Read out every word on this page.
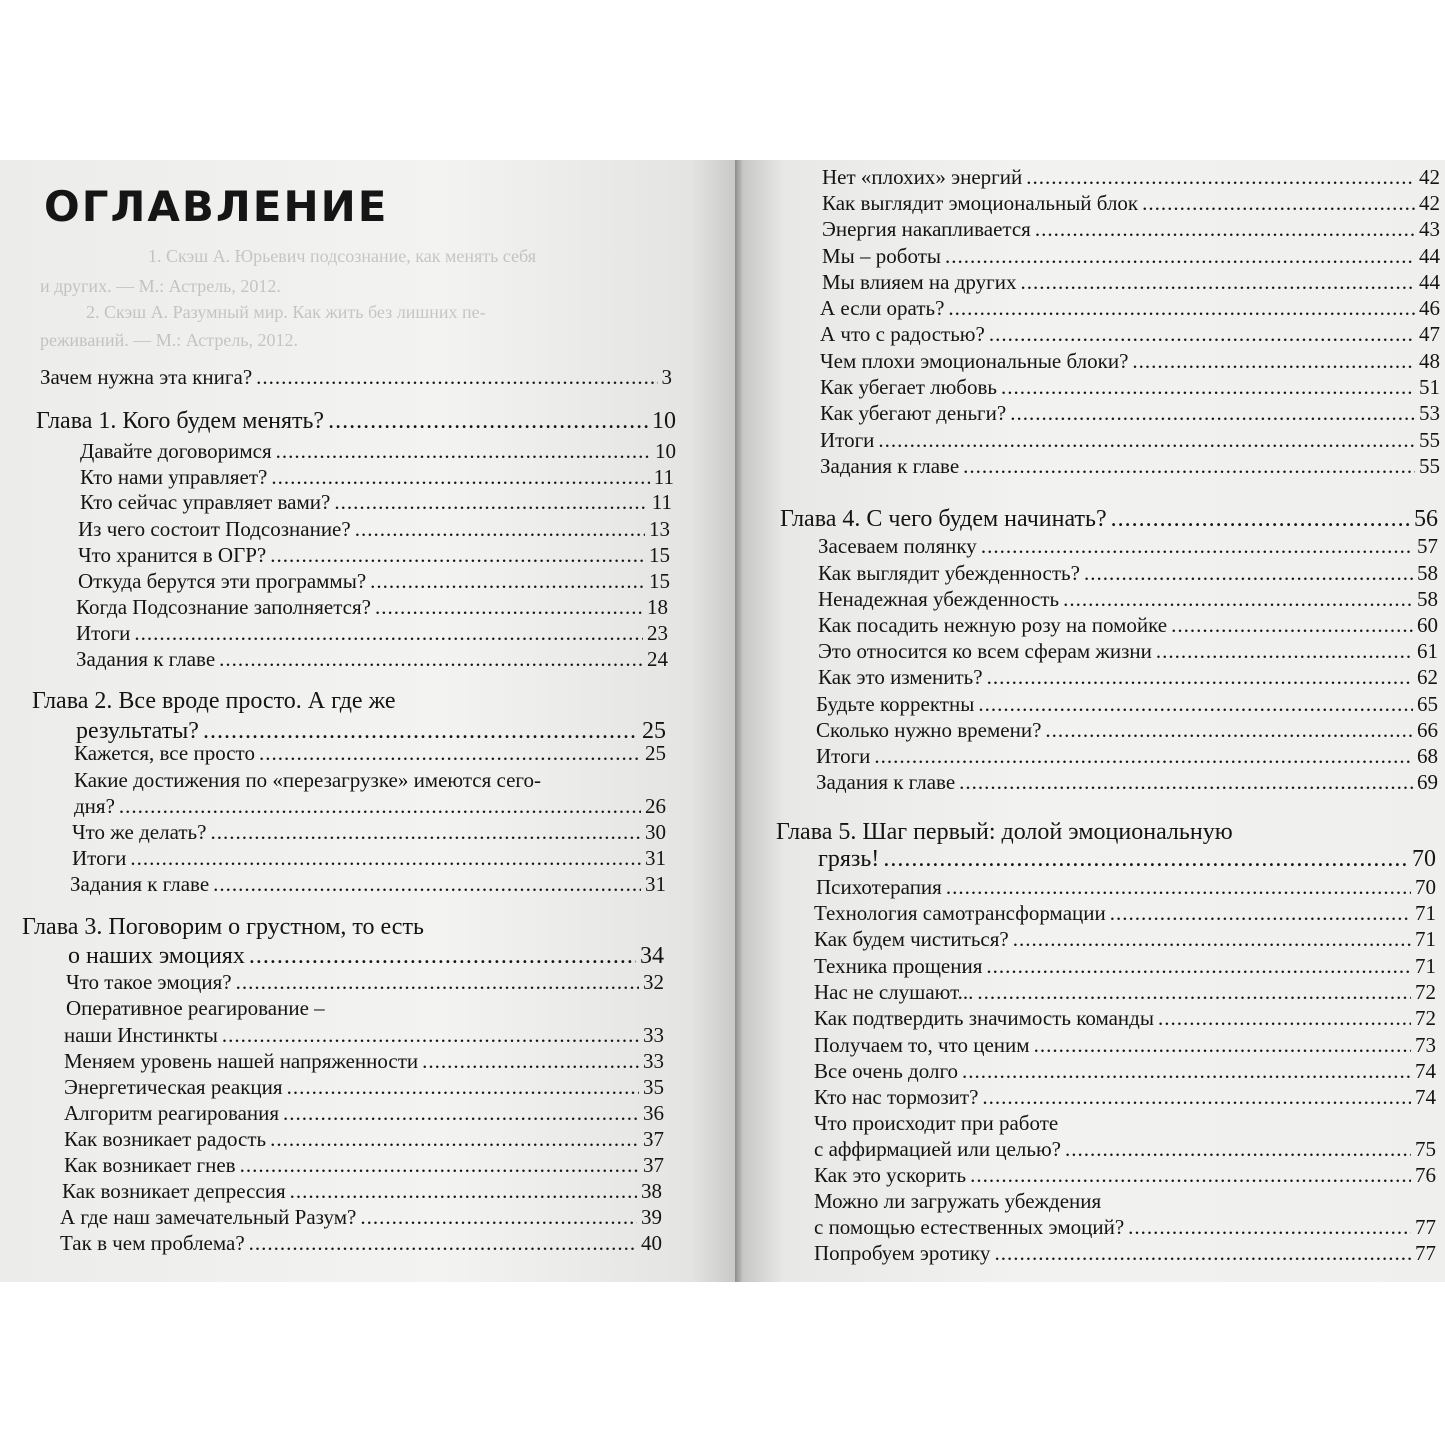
1. Скэш А. Юрьевич подсознание, как менять себя
и других. — М.: Астрель, 2012.
2. Скэш А. Разумный мир. Как жить без лишних пе-
реживаний. — М.: Астрель, 2012.
ОГЛАВЛЕНИЕ
Зачем нужна эта книга? .....	3
Глава 1. Кого будем менять? .....	10
Давайте договоримся .....	10
Кто нами управляет? .....	11
Кто сейчас управляет вами? .....	11
Из чего состоит Подсознание? .....	13
Что хранится в ОГР? .....	15
Откуда берутся эти программы? .....	15
Когда Подсознание заполняется? .....	18
Итоги .....	23
Задания к главе .....	24
Глава 2. Все вроде просто. А где же
результаты? .....	25
Кажется, все просто .....	25
Какие достижения по «перезагрузке» имеются сего-
дня? .....	26
Что же делать? .....	30
Итоги .....	31
Задания к главе .....	31
Глава 3. Поговорим о грустном, то есть
о наших эмоциях .....	34
Что такое эмоция? .....	32
Оперативное реагирование –
наши Инстинкты .....	33
Меняем уровень нашей напряженности .....	33
Энергетическая реакция .....	35
Алгоритм реагирования .....	36
Как возникает радость .....	37
Как возникает гнев .....	37
Как возникает депрессия .....	38
А где наш замечательный Разум? .....	39
Так в чем проблема? .....	40
Нет «плохих» энергий .....	42
Как выглядит эмоциональный блок .....	42
Энергия накапливается .....	43
Мы – роботы .....	44
Мы влияем на других .....	44
А если орать? .....	46
А что с радостью? .....	47
Чем плохи эмоциональные блоки? .....	48
Как убегает любовь .....	51
Как убегают деньги? .....	53
Итоги .....	55
Задания к главе .....	55
Глава 4. С чего будем начинать? .....	56
Засеваем полянку .....	57
Как выглядит убежденность? .....	58
Ненадежная убежденность .....	58
Как посадить нежную розу на помойке .....	60
Это относится ко всем сферам жизни .....	61
Как это изменить? .....	62
Будьте корректны .....	65
Сколько нужно времени? .....	66
Итоги .....	68
Задания к главе .....	69
Глава 5. Шаг первый: долой эмоциональную
грязь! .....	70
Психотерапия .....	70
Технология самотрансформации .....	71
Как будем чиститься? .....	71
Техника прощения .....	71
Нас не слушают... .....	72
Как подтвердить значимость команды .....	72
Получаем то, что ценим .....	73
Все очень долго .....	74
Кто нас тормозит? .....	74
Что происходит при работе
с аффирмацией или целью? .....	75
Как это ускорить .....	76
Можно ли загружать убеждения
с помощью естественных эмоций? .....	77
Попробуем эротику .....	77
